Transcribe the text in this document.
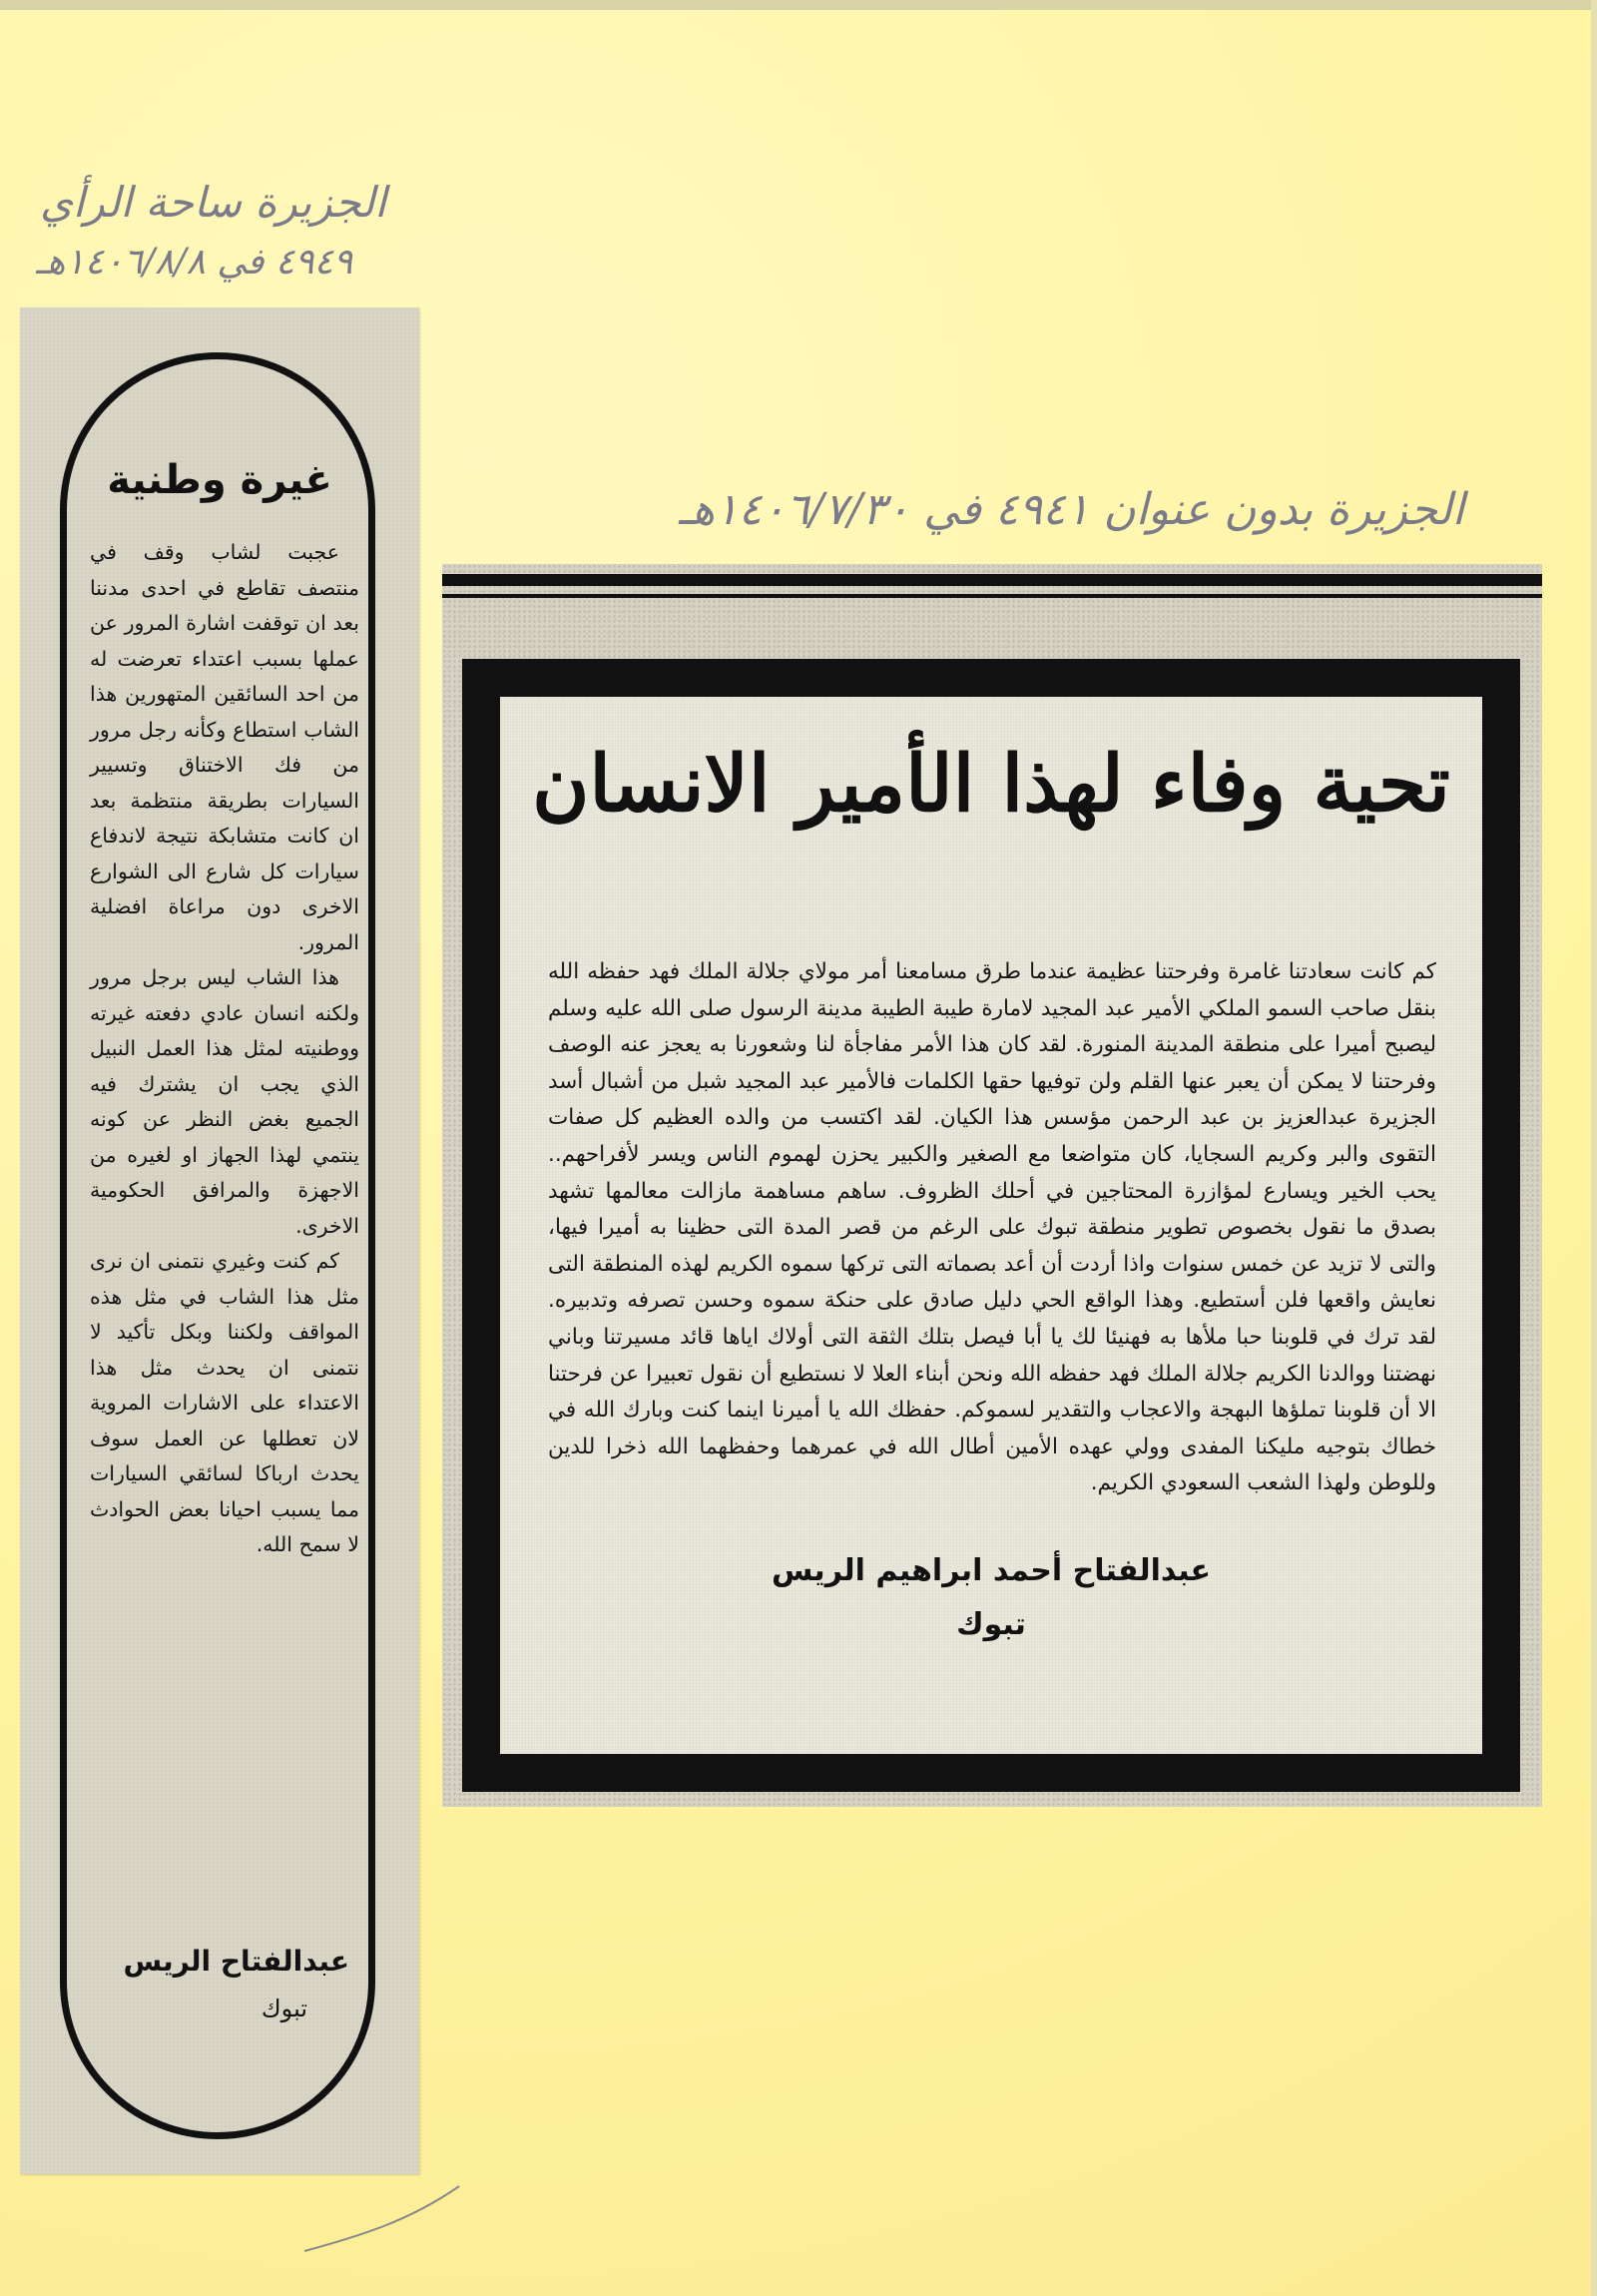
الجزيرة ساحة الرأي
٤٩٤٩ في ١٤٠٦/٨/٨هـ
الجزيرة بدون عنوان ٤٩٤١ في ١٤٠٦/٧/٣٠هـ
غيرة وطنية

عجبت لشاب وقف في منتصف تقاطع في احدى مدننا بعد ان توقفت اشارة المرور عن عملها بسبب اعتداء تعرضت له من احد السائقين المتهورين هذا الشاب استطاع وكأنه رجل مرور من فك الاختناق وتسيير السيارات بطريقة منتظمة بعد ان كانت متشابكة نتيجة لاندفاع سيارات كل شارع الى الشوارع الاخرى دون مراعاة افضلية المرور.

هذا الشاب ليس برجل مرور ولكنه انسان عادي دفعته غيرته ووطنيته لمثل هذا العمل النبيل الذي يجب ان يشترك فيه الجميع بغض النظر عن كونه ينتمي لهذا الجهاز او لغيره من الاجهزة والمرافق الحكومية الاخرى.

كم كنت وغيري نتمنى ان نرى مثل هذا الشاب في مثل هذه المواقف ولكننا وبكل تأكيد لا نتمنى ان يحدث مثل هذا الاعتداء على الاشارات المروية لان تعطلها عن العمل سوف يحدث ارباكا لسائقي السيارات مما يسبب احيانا بعض الحوادث لا سمح الله.

عبدالفتاح الريس
تبوك
تحية وفاء لهذا الأمير الانسان
كم كانت سعادتنا غامرة وفرحتنا عظيمة عندما طرق مسامعنا أمر مولاي جلالة الملك فهد حفظه الله بنقل صاحب السمو الملكي الأمير عبد المجيد لامارة طيبة الطيبة مدينة الرسول صلى الله عليه وسلم ليصبح أميرا على منطقة المدينة المنورة. لقد كان هذا الأمر مفاجأة لنا وشعورنا به يعجز عنه الوصف وفرحتنا لا يمكن أن يعبر عنها القلم ولن توفيها حقها الكلمات فالأمير عبد المجيد شبل من أشبال أسد الجزيرة عبدالعزيز بن عبد الرحمن مؤسس هذا الكيان. لقد اكتسب من والده العظيم كل صفات التقوى والبر وكريم السجايا، كان متواضعا مع الصغير والكبير يحزن لهموم الناس ويسر لأفراحهم.. يحب الخير ويسارع لمؤازرة المحتاجين في أحلك الظروف. ساهم مساهمة مازالت معالمها تشهد بصدق ما نقول بخصوص تطوير منطقة تبوك على الرغم من قصر المدة التى حظينا به أميرا فيها، والتى لا تزيد عن خمس سنوات واذا أردت أن أعد بصماته التى تركها سموه الكريم لهذه المنطقة التى نعايش واقعها فلن أستطيع. وهذا الواقع الحي دليل صادق على حنكة سموه وحسن تصرفه وتدبيره. لقد ترك في قلوبنا حبا ملأها به فهنيئا لك يا أبا فيصل بتلك الثقة التى أولاك اياها قائد مسيرتنا وباني نهضتنا ووالدنا الكريم جلالة الملك فهد حفظه الله ونحن أبناء العلا لا نستطيع أن نقول تعبيرا عن فرحتنا الا أن قلوبنا تملؤها البهجة والاعجاب والتقدير لسموكم. حفظك الله يا أميرنا اينما كنت وبارك الله في خطاك بتوجيه مليكنا المفدى وولي عهده الأمين أطال الله في عمرهما وحفظهما الله ذخرا للدين وللوطن ولهذا الشعب السعودي الكريم.
عبدالفتاح أحمد ابراهيم الريس
تبوك
